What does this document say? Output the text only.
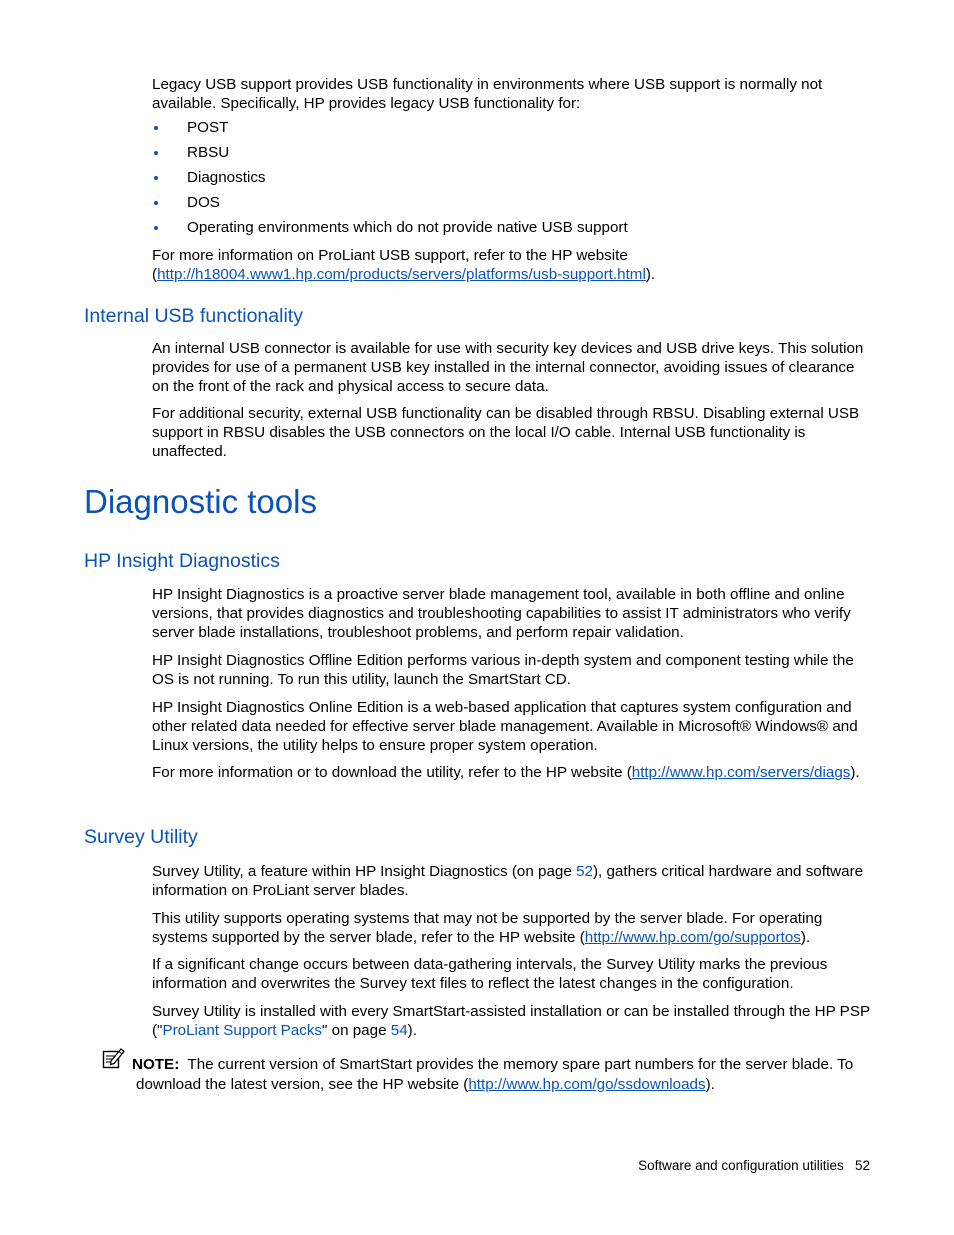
Legacy USB support provides USB functionality in environments where USB support is normally not available. Specifically, HP provides legacy USB functionality for:

POST
RBSU
Diagnostics
DOS
Operating environments which do not provide native USB support

For more information on ProLiant USB support, refer to the HP website (http://h18004.www1.hp.com/products/servers/platforms/usb-support.html).

Internal USB functionality

An internal USB connector is available for use with security key devices and USB drive keys. This solution provides for use of a permanent USB key installed in the internal connector, avoiding issues of clearance on the front of the rack and physical access to secure data.

For additional security, external USB functionality can be disabled through RBSU. Disabling external USB support in RBSU disables the USB connectors on the local I/O cable. Internal USB functionality is unaffected.

Diagnostic tools
HP Insight Diagnostics

HP Insight Diagnostics is a proactive server blade management tool, available in both offline and online versions, that provides diagnostics and troubleshooting capabilities to assist IT administrators who verify server blade installations, troubleshoot problems, and perform repair validation.

HP Insight Diagnostics Offline Edition performs various in-depth system and component testing while the OS is not running. To run this utility, launch the SmartStart CD.

HP Insight Diagnostics Online Edition is a web-based application that captures system configuration and other related data needed for effective server blade management. Available in Microsoft® Windows® and Linux versions, the utility helps to ensure proper system operation.

For more information or to download the utility, refer to the HP website (http://www.hp.com/servers/diags).

Survey Utility

Survey Utility, a feature within HP Insight Diagnostics (on page 52), gathers critical hardware and software information on ProLiant server blades.

This utility supports operating systems that may not be supported by the server blade. For operating systems supported by the server blade, refer to the HP website (http://www.hp.com/go/supportos).

If a significant change occurs between data-gathering intervals, the Survey Utility marks the previous information and overwrites the Survey text files to reflect the latest changes in the configuration.

Survey Utility is installed with every SmartStart-assisted installation or can be installed through the HP PSP ("ProLiant Support Packs" on page 54).

NOTE: The current version of SmartStart provides the memory spare part numbers for the server blade. To
download the latest version, see the HP website (http://www.hp.com/go/ssdownloads).
Software and configuration utilities 52
